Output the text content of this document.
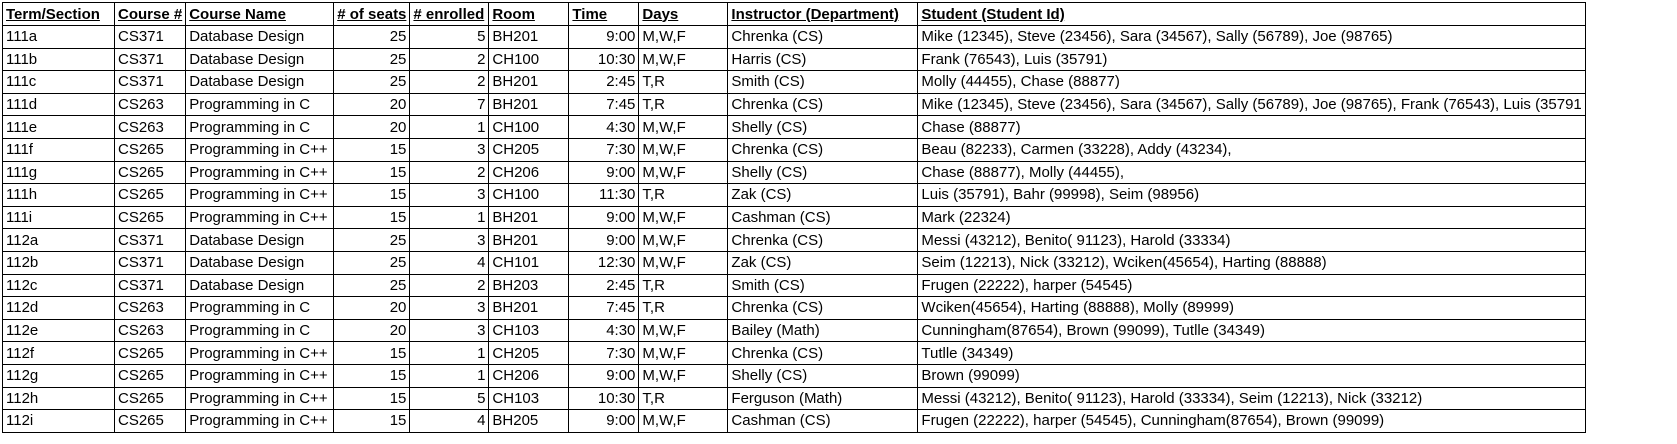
Term/Section	Course #	Course Name	# of seats	# enrolled	Room	Time	Days	Instructor (Department)	Student (Student Id)
111a	CS371	Database Design	25	5	BH201	9:00	M,W,F	Chrenka (CS)	Mike (12345), Steve (23456), Sara (34567), Sally (56789), Joe (98765)
111b	CS371	Database Design	25	2	CH100	10:30	M,W,F	Harris (CS)	Frank (76543), Luis (35791)
111c	CS371	Database Design	25	2	BH201	2:45	T,R	Smith (CS)	Molly (44455), Chase (88877)
111d	CS263	Programming in C	20	7	BH201	7:45	T,R	Chrenka (CS)	Mike (12345), Steve (23456), Sara (34567), Sally (56789), Joe (98765), Frank (76543), Luis (35791
111e	CS263	Programming in C	20	1	CH100	4:30	M,W,F	Shelly (CS)	Chase (88877)
111f	CS265	Programming in C++	15	3	CH205	7:30	M,W,F	Chrenka (CS)	Beau (82233), Carmen (33228), Addy (43234),
111g	CS265	Programming in C++	15	2	CH206	9:00	M,W,F	Shelly (CS)	Chase (88877), Molly (44455),
111h	CS265	Programming in C++	15	3	CH100	11:30	T,R	Zak (CS)	Luis (35791), Bahr (99998), Seim (98956)
111i	CS265	Programming in C++	15	1	BH201	9:00	M,W,F	Cashman (CS)	Mark (22324)
112a	CS371	Database Design	25	3	BH201	9:00	M,W,F	Chrenka (CS)	Messi (43212), Benito( 91123), Harold (33334)
112b	CS371	Database Design	25	4	CH101	12:30	M,W,F	Zak (CS)	Seim (12213), Nick (33212), Wciken(45654), Harting (88888)
112c	CS371	Database Design	25	2	BH203	2:45	T,R	Smith (CS)	Frugen (22222), harper (54545)
112d	CS263	Programming in C	20	3	BH201	7:45	T,R	Chrenka (CS)	Wciken(45654), Harting (88888), Molly (89999)
112e	CS263	Programming in C	20	3	CH103	4:30	M,W,F	Bailey (Math)	Cunningham(87654), Brown (99099), Tutlle (34349)
112f	CS265	Programming in C++	15	1	CH205	7:30	M,W,F	Chrenka (CS)	Tutlle (34349)
112g	CS265	Programming in C++	15	1	CH206	9:00	M,W,F	Shelly (CS)	Brown (99099)
112h	CS265	Programming in C++	15	5	CH103	10:30	T,R	Ferguson (Math)	Messi (43212), Benito( 91123), Harold (33334), Seim (12213), Nick (33212)
112i	CS265	Programming in C++	15	4	BH205	9:00	M,W,F	Cashman (CS)	Frugen (22222), harper (54545), Cunningham(87654), Brown (99099)
